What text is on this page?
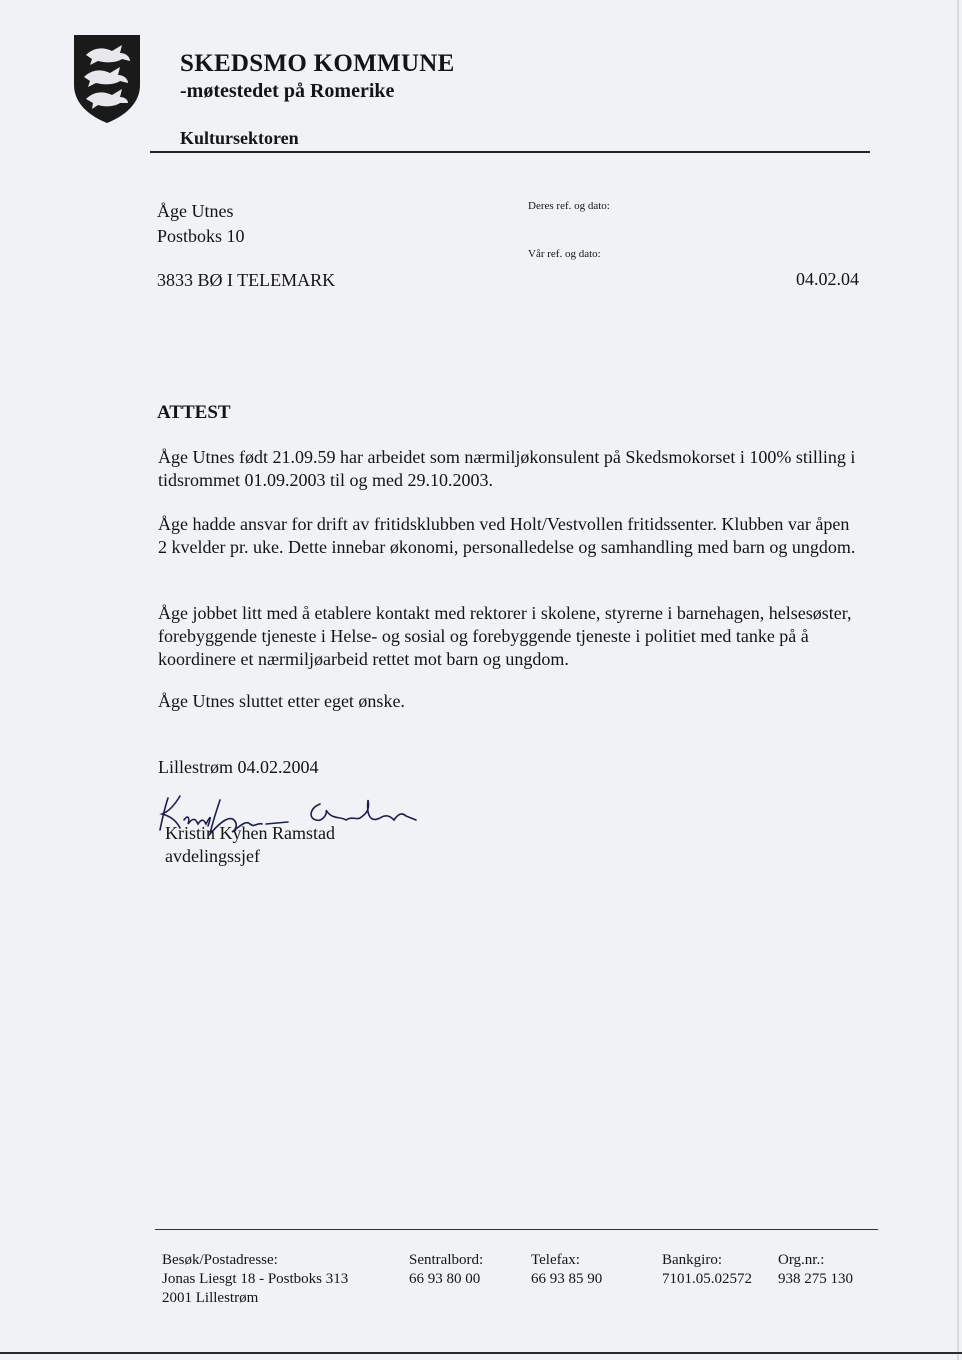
SKEDSMO KOMMUNE
-møtestedet på Romerike
Kultursektoren
Åge Utnes
Postboks 10
3833 BØ I TELEMARK
Deres ref. og dato:
Vår ref. og dato:
04.02.04
ATTEST
Åge Utnes født 21.09.59 har arbeidet som nærmiljøkonsulent på Skedsmokorset i 100% stilling i tidsrommet 01.09.2003 til og med 29.10.2003.
Åge hadde ansvar for drift av fritidsklubben ved Holt/Vestvollen fritidssenter. Klubben var åpen 2 kvelder pr. uke. Dette innebar økonomi, personalledelse og samhandling med barn og ungdom.
Åge jobbet litt med å etablere kontakt med rektorer i skolene, styrerne i barnehagen, helsesøster, forebyggende tjeneste i Helse- og sosial og forebyggende tjeneste i politiet med tanke på å koordinere et nærmiljøarbeid rettet mot barn og ungdom.
Åge Utnes sluttet etter eget ønske.
Lillestrøm 04.02.2004
Kristin Kyhen Ramstad
avdelingssjef
Besøk/Postadresse:
Jonas Liesgt 18 - Postboks 313
2001 Lillestrøm
Sentralbord:
66 93 80 00
Telefax:
66 93 85 90
Bankgiro:
7101.05.02572
Org.nr.:
938 275 130
